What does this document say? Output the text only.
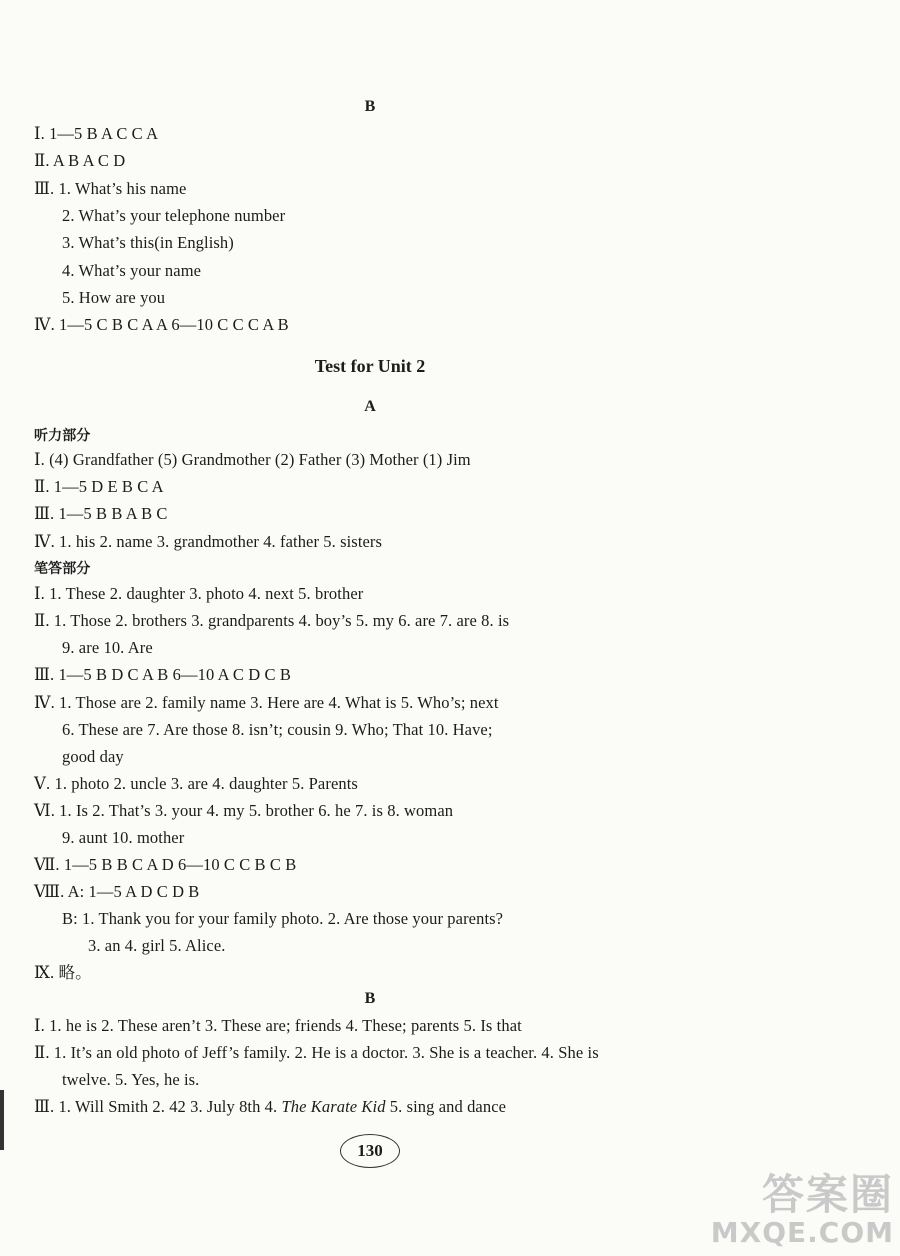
B
Ⅰ. 1—5 B A C C A
Ⅱ. A B A C D
Ⅲ. 1. What’s his name
2. What’s your telephone number
3. What’s this(in English)
4. What’s your name
5. How are you
Ⅳ. 1—5 C B C A A 6—10 C C C A B
Test for Unit 2
A
听力部分
Ⅰ. (4) Grandfather (5) Grandmother (2) Father (3) Mother (1) Jim
Ⅱ. 1—5 D E B C A
Ⅲ. 1—5 B B A B C
Ⅳ. 1. his 2. name 3. grandmother 4. father 5. sisters
笔答部分
Ⅰ. 1. These 2. daughter 3. photo 4. next 5. brother
Ⅱ. 1. Those 2. brothers 3. grandparents 4. boy’s 5. my 6. are 7. are 8. is
9. are 10. Are
Ⅲ. 1—5 B D C A B 6—10 A C D C B
Ⅳ. 1. Those are 2. family name 3. Here are 4. What is 5. Who’s; next
6. These are 7. Are those 8. isn’t; cousin 9. Who; That 10. Have;
good day
Ⅴ. 1. photo 2. uncle 3. are 4. daughter 5. Parents
Ⅵ. 1. Is 2. That’s 3. your 4. my 5. brother 6. he 7. is 8. woman
9. aunt 10. mother
Ⅶ. 1—5 B B C A D 6—10 C C B C B
Ⅷ. A: 1—5 A D C D B
B: 1. Thank you for your family photo. 2. Are those your parents?
3. an 4. girl 5. Alice.
Ⅸ. 略。
B
Ⅰ. 1. he is 2. These aren’t 3. These are; friends 4. These; parents 5. Is that
Ⅱ. 1. It’s an old photo of Jeff’s family. 2. He is a doctor. 3. She is a teacher. 4. She is
twelve. 5. Yes, he is.
Ⅲ. 1. Will Smith 2. 42 3. July 8th 4. The Karate Kid 5. sing and dance
130
答案圈
MXQE.COM
